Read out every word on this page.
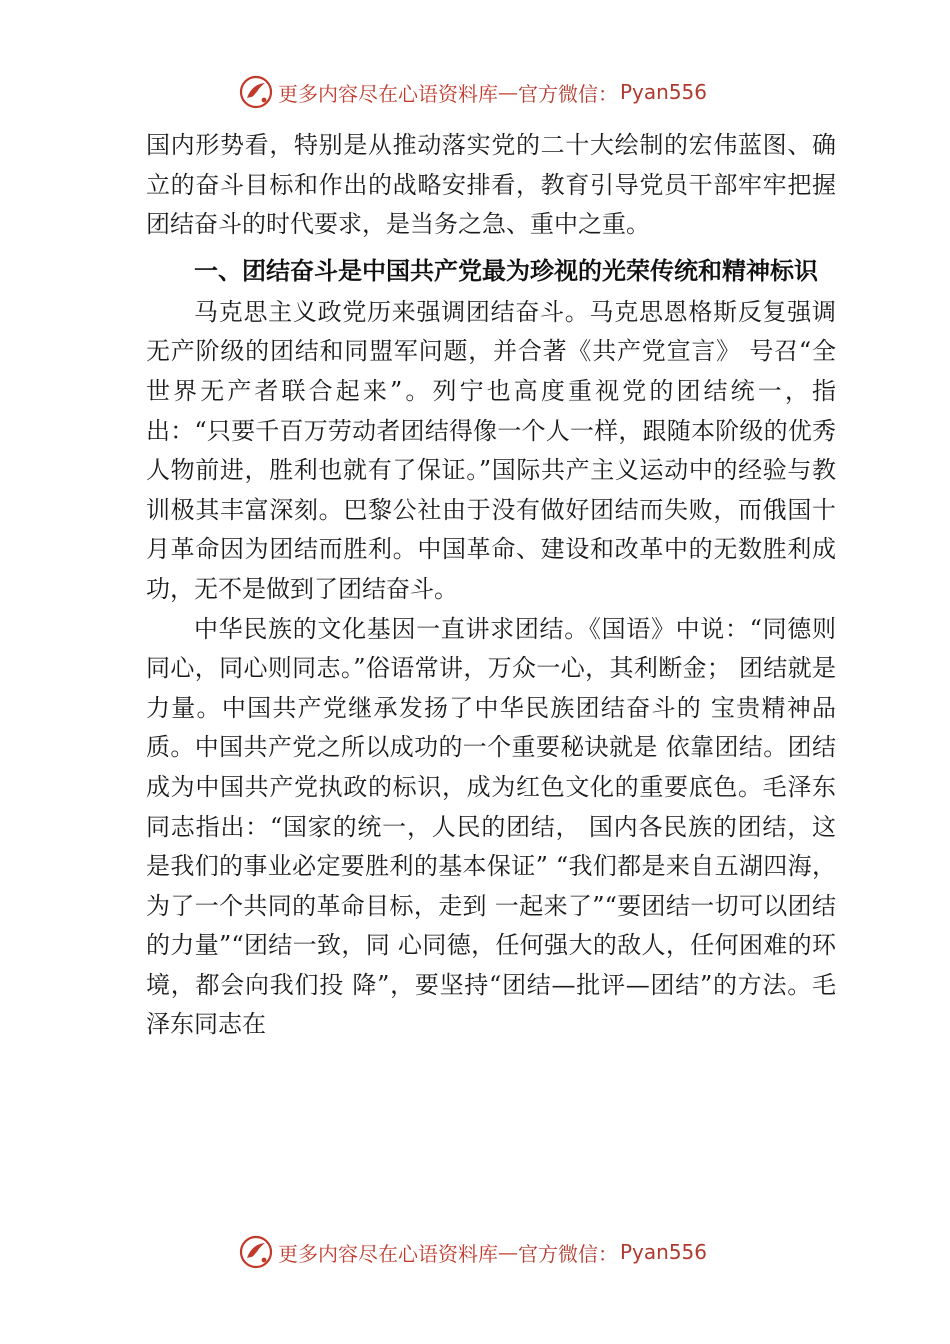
更多内容尽在心语资料库 — 官方微信： Pyan556

国内形势看，特别是从推动落实党的二十大绘制的宏伟蓝图、确立的奋斗目标和作出的战略安排看，教育引导党员干部牢牢把握团结奋斗的时代要求，是当务之急、重中之重。

一、团结奋斗是中国共产党最为珍视的光荣传统和精神标识

马克思主义政党历来强调团结奋斗。马克思恩格斯反复强调无产阶级的团结和同盟军问题，并合著《共产党宣言》 号召“全世界无产者联合起来”。列宁也高度重视党的团结统一，指出：“只要千百万劳动者团结得像一个人一样，跟随本阶级的优秀人物前进，胜利也就有了保证。”国际共产主义运动中的经验与教训极其丰富深刻。巴黎公社由于没有做好团结而失败，而俄国十月革命因为团结而胜利。中国革命、建设和改革中的无数胜利成功，无不是做到了团结奋斗。

中华民族的文化基因一直讲求团结。《国语》中说：“同德则同心，同心则同志。”俗语常讲，万众一心，其利断金； 团结就是力量。中国共产党继承发扬了中华民族团结奋斗的 宝贵精神品质。中国共产党之所以成功的一个重要秘诀就是 依靠团结。团结成为中国共产党执政的标识，成为红色文化的重要底色。毛泽东同志指出：“国家的统一，人民的团结， 国内各民族的团结，这是我们的事业必定要胜利的基本保证” “我们都是来自五湖四海，为了一个共同的革命目标，走到 一起来了”“要团结一切可以团结的力量”“团结一致，同 心同德，任何强大的敌人，任何困难的环境，都会向我们投 降”，要坚持“团结—批评—团结”的方法。毛泽东同志在

更多内容尽在心语资料库 — 官方微信： Pyan556
